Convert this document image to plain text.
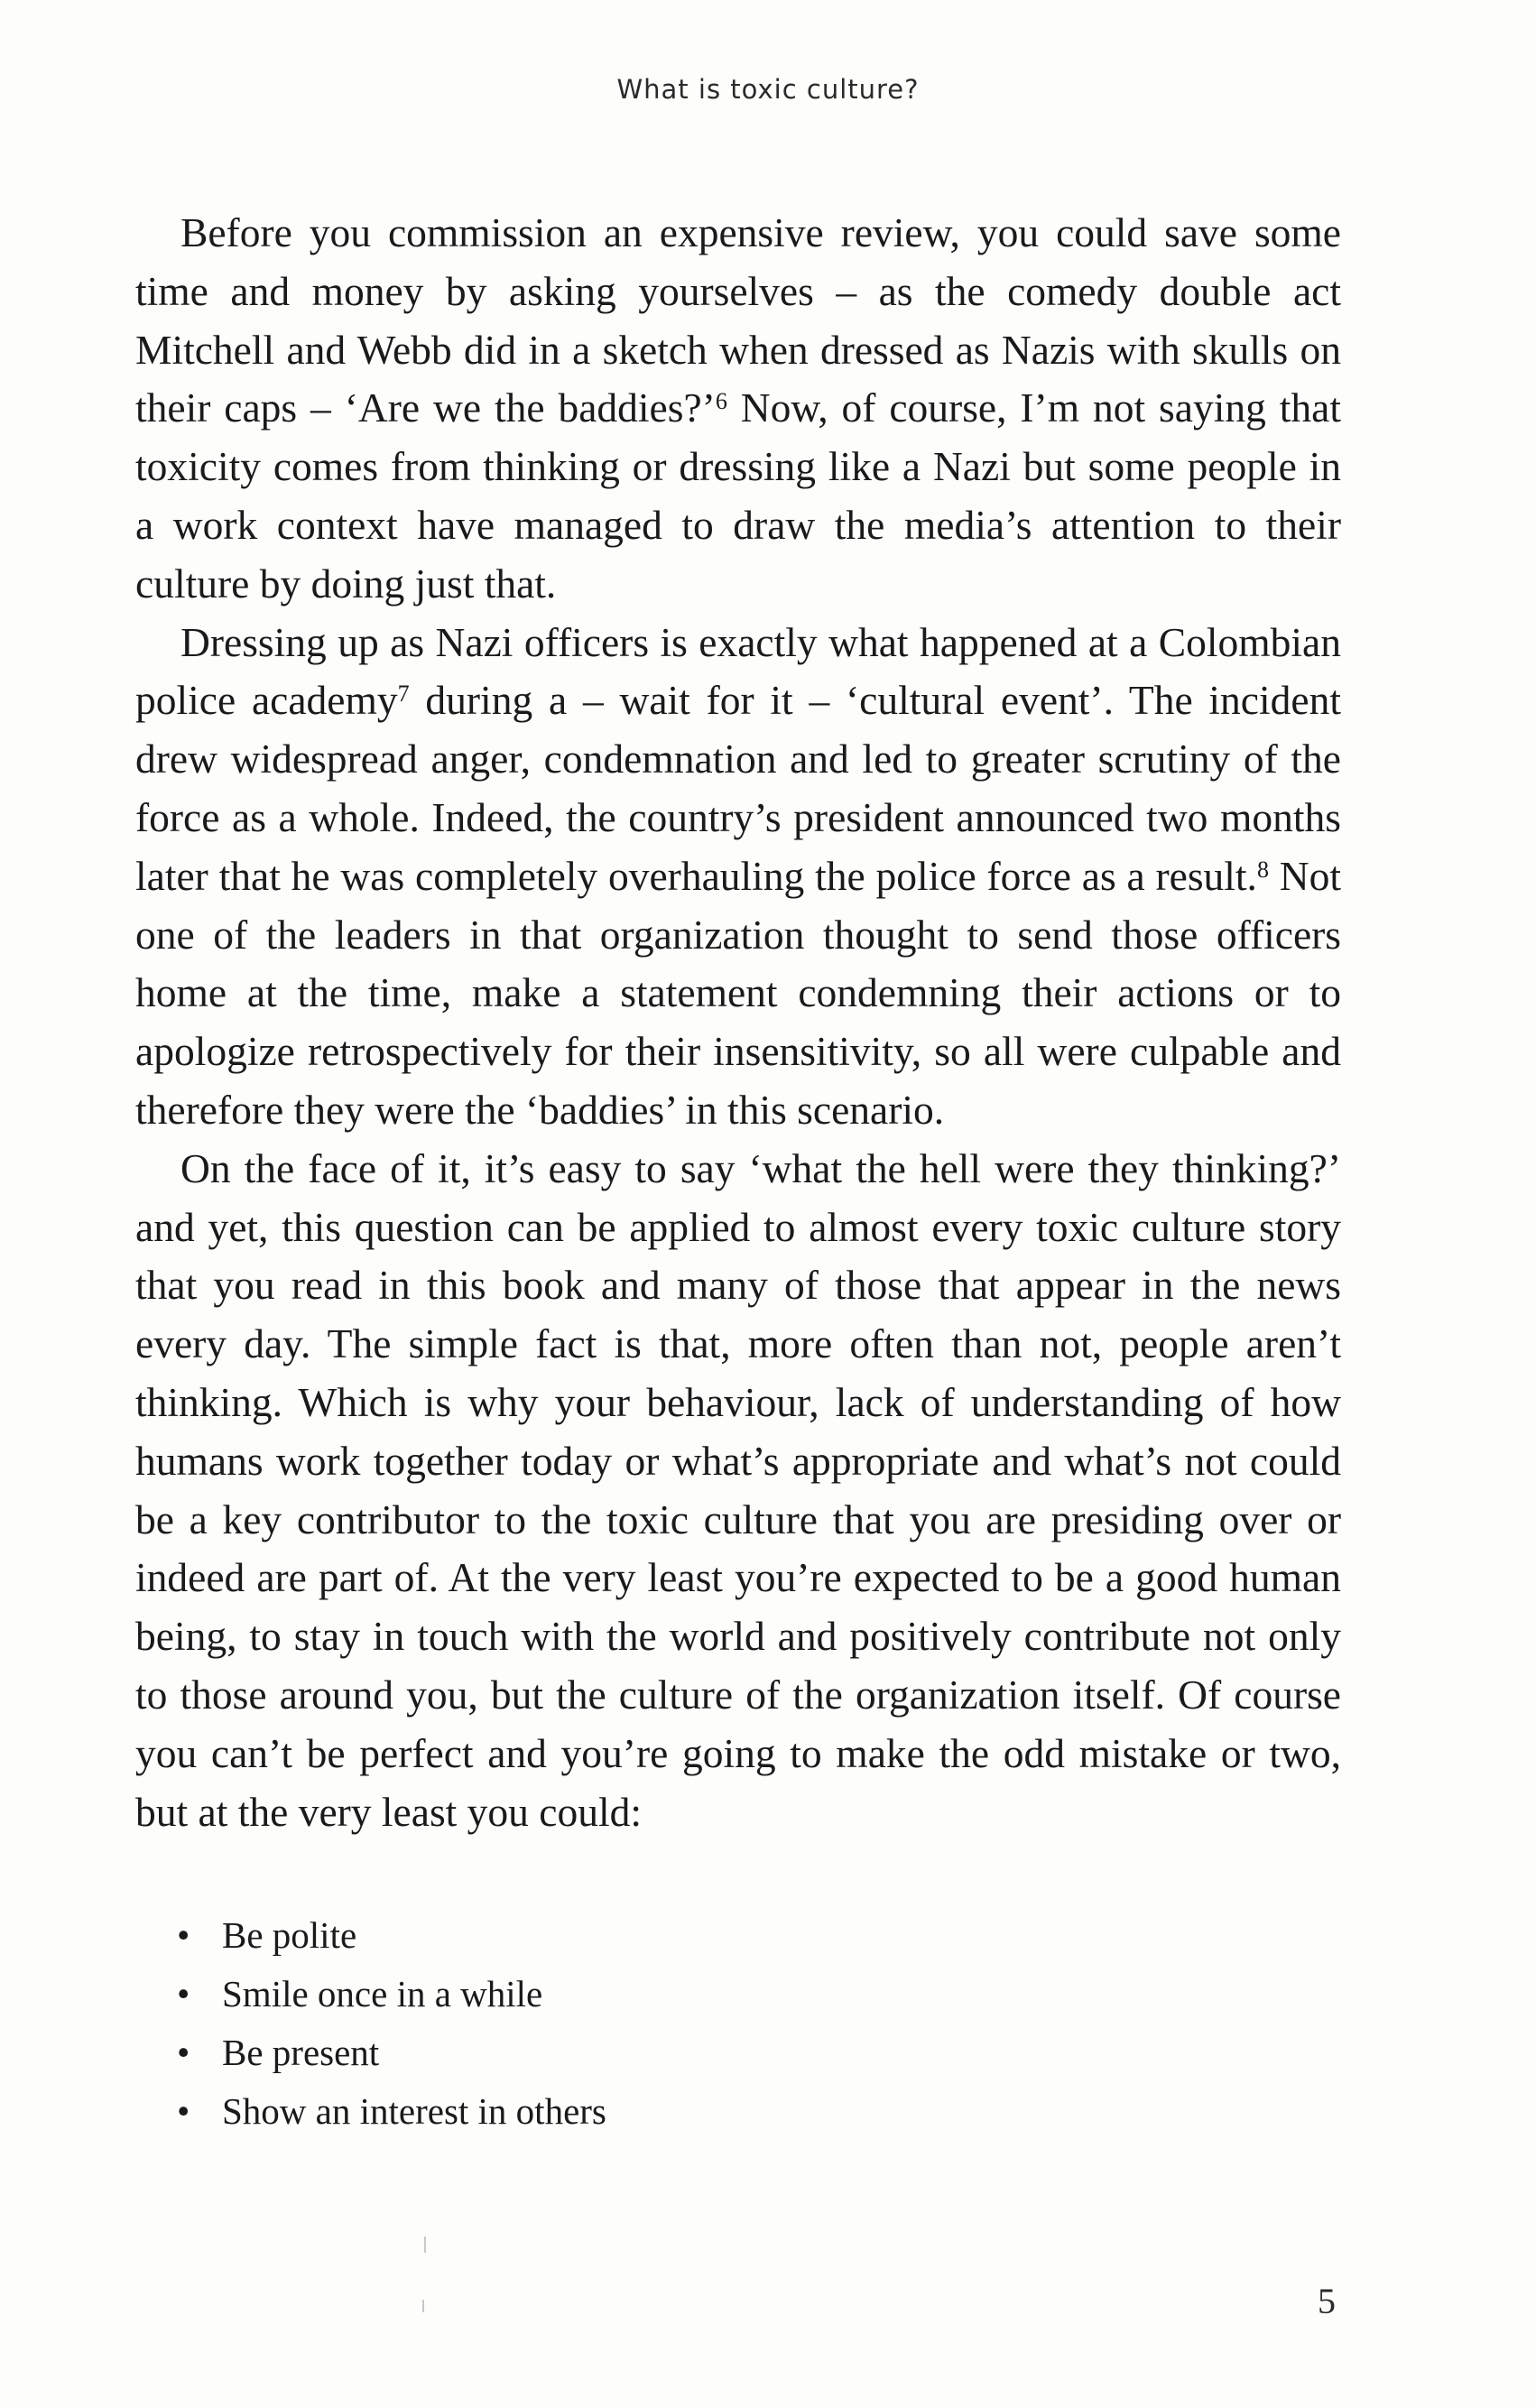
What is toxic culture?

Before you commission an expensive review, you could save some time and money by asking yourselves – as the comedy double act Mitchell and Webb did in a sketch when dressed as Nazis with skulls on their caps – ‘Are we the baddies?’$^6$ Now, of course, I’m not saying that toxicity comes from thinking or dressing like a Nazi but some people in a work context have managed to draw the media’s attention to their culture by doing just that.

Dressing up as Nazi officers is exactly what happened at a Colombian police academy$^7$ during a – wait for it – ‘cultural event’. The incident drew widespread anger, condemnation and led to greater scrutiny of the force as a whole. Indeed, the country’s president announced two months later that he was completely overhauling the police force as a result.$^8$ Not one of the leaders in that organization thought to send those officers home at the time, make a statement condemning their actions or to apologize retrospectively for their insensitivity, so all were culpable and therefore they were the ‘baddies’ in this scenario.

On the face of it, it’s easy to say ‘what the hell were they thinking?’ and yet, this question can be applied to almost every toxic culture story that you read in this book and many of those that appear in the news every day. The simple fact is that, more often than not, people aren’t thinking. Which is why your behaviour, lack of understanding of how humans work together today or what’s appropriate and what’s not could be a key contributor to the toxic culture that you are presiding over or indeed are part of. At the very least you’re expected to be a good human being, to stay in touch with the world and positively contribute not only to those around you, but the culture of the organization itself. Of course you can’t be perfect and you’re going to make the odd mistake or two, but at the very least you could:

• Be polite
• Smile once in a while
• Be present
• Show an interest in others
5
